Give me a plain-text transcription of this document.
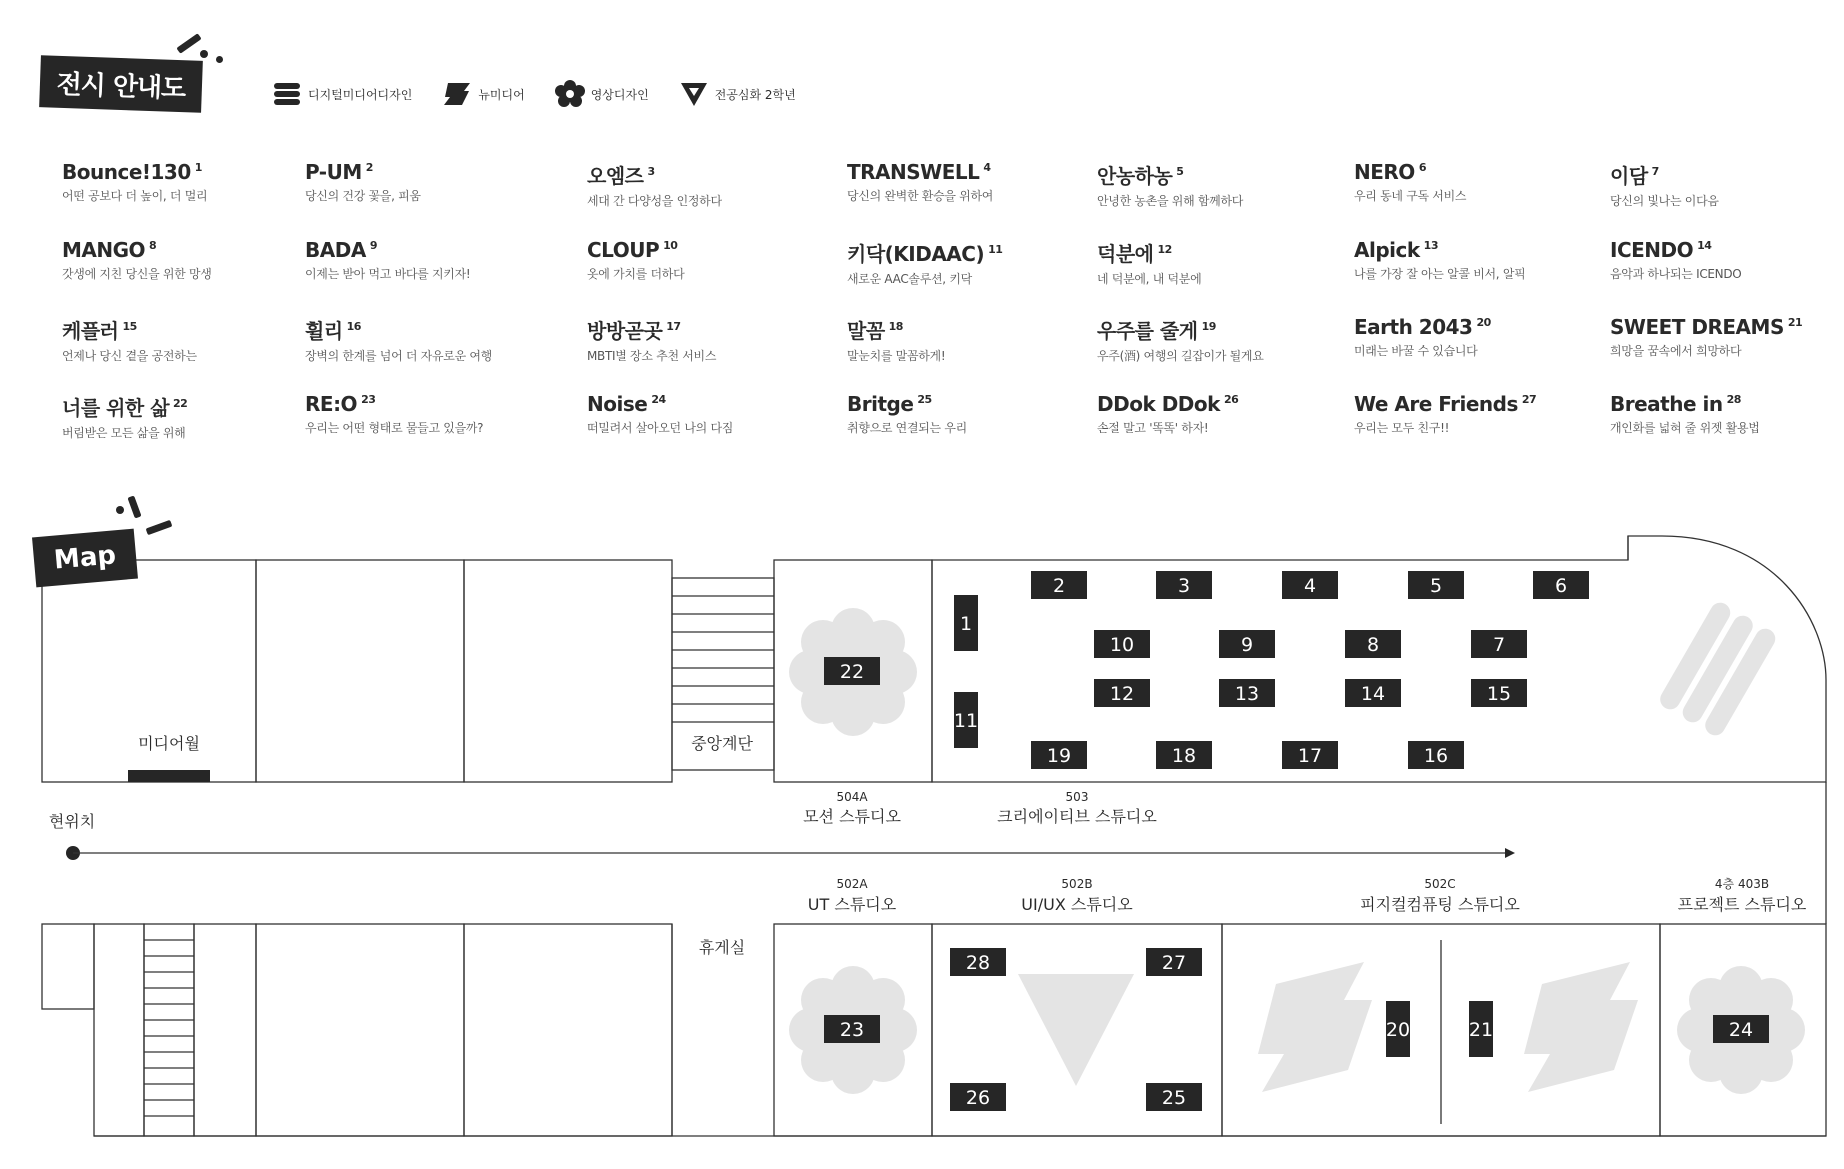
전시 안내도	디지털미디어디자인	뉴미디어	영상디자인	전공심화 2학년
Bounce!130 $^1$
어떤 공보다 더 높이, 더 멀리
P-UM $^2$
당신의 건강 꽃을, 피움
오엠즈 $^3$
세대 간 다양성을 인정하다
TRANSWELL $^4$
당신의 완벽한 환승을 위하여
안농하농 $^5$
안녕한 농촌을 위해 함께하다
NERO $^6$
우리 동네 구독 서비스
이담 $^7$
당신의 빛나는 이다음
MANGO $^8$
갓생에 지친 당신을 위한 망생
BADA $^9$
이제는 받아 먹고 바다를 지키자!
CLOUP $^{10}$
옷에 가치를 더하다
키닥(KIDAAC) $^{11}$
새로운 AAC솔루션, 키닥
덕분에 $^{12}$
네 덕분에, 내 덕분에
Alpick $^{13}$
나를 가장 잘 아는 알콜 비서, 알픽
ICENDO $^{14}$
음악과 하나되는 ICENDO
케플러 $^{15}$
언제나 당신 곁을 공전하는
휠리 $^{16}$
장벽의 한계를 넘어 더 자유로운 여행
방방곧곳 $^{17}$
MBTI별 장소 추천 서비스
말꼼 $^{18}$
말눈치를 말꼼하게!
우주를 줄게 $^{19}$
우주(酒) 여행의 길잡이가 될게요
Earth 2043 $^{20}$
미래는 바꿀 수 있습니다
SWEET DREAMS $^{21}$
희망을 꿈속에서 희망하다
너를 위한 삶 $^{22}$
버림받은 모든 삶을 위해
RE:O $^{23}$
우리는 어떤 형태로 물들고 있을까?
Noise $^{24}$
떠밀려서 살아오던 나의 다짐
Britge $^{25}$
취향으로 연결되는 우리
DDok DDok $^{26}$
손절 말고 '똑똑' 하자!
We Are Friends $^{27}$
우리는 모두 친구!!
Breathe in $^{28}$
개인화를 넓혀 줄 위젯 활용법
미디어월	중앙계단
휴게실
현위치
504A
모션 스튜디오
503
크리에이티브 스튜디오
502A
UT 스튜디오
502B
UI/UX 스튜디오
502C
피지컬컴퓨팅 스튜디오
4층 403B
프로젝트 스튜디오
1
2	3	4	5	6
7
8
9
10
11
12	13	14	15
16
17
18
19
20	21
22
23	24
25
26
27
28
Map
